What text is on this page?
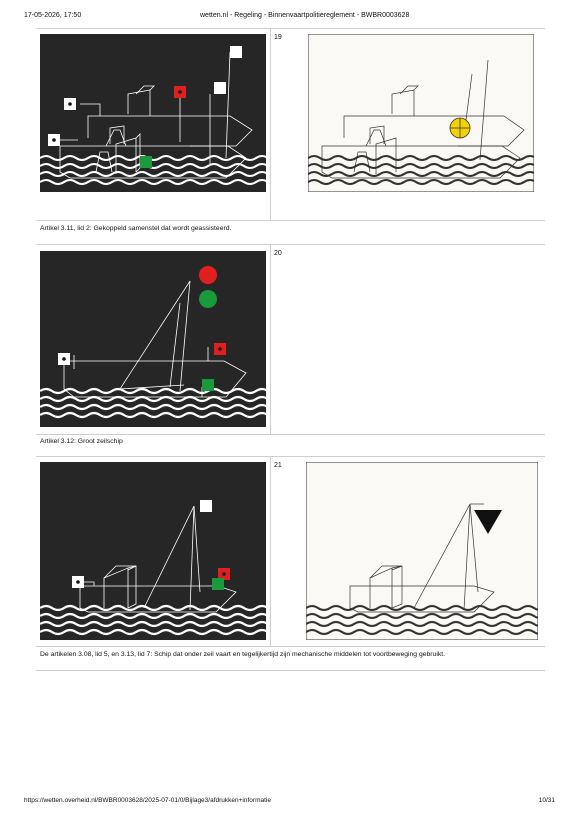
17-05-2026, 17:50	wetten.nl - Regeling - Binnenvaartpolitiereglement - BWBR0003628
19
Artikel 3.11, lid 2: Gekoppeld samenstel dat wordt geassisteerd.
20
Artikel 3.12: Groot zeilschip
21
De artikelen 3.08, lid 5, en 3.13, lid 7: Schip dat onder zeil vaart en tegelijkertijd zijn mechanische middelen tot voortbeweging gebruikt.
https://wetten.overheid.nl/BWBR0003628/2025-07-01/0/Bijlage3/afdrukken+informatie	10/31
